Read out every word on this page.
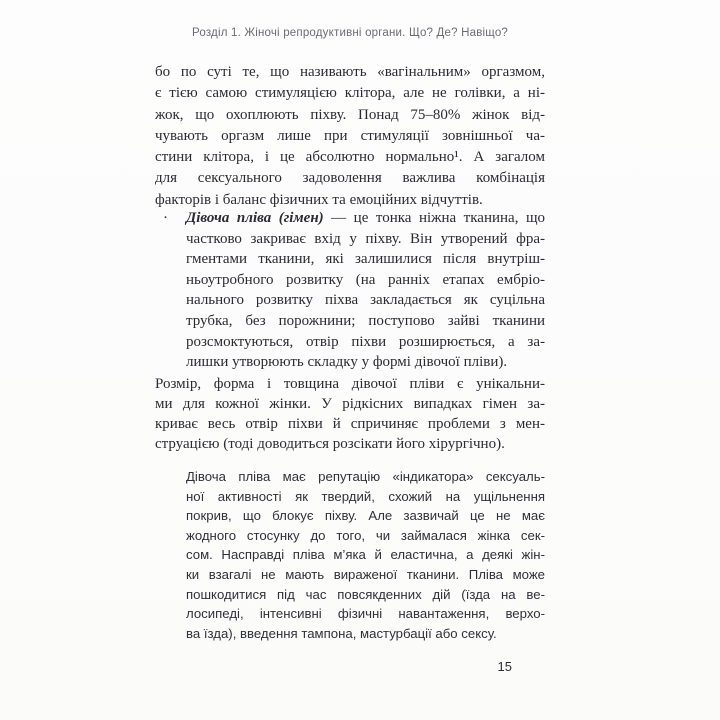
Розділ 1. Жіночі репродуктивні органи. Що? Де? Навіщо?
бо по суті те, що називають «вагінальним» оргазмом,
є тією самою стимуляцією клітора, але не голівки, а ні-
жок, що охоплюють піхву. Понад 75–80% жінок від-
чувають оргазм лише при стимуляції зовнішньої ча-
стини клітора, і це абсолютно нормально¹. А загалом
для сексуального задоволення важлива комбінація
факторів і баланс фізичних та емоційних відчуттів.
· Дівоча пліва (гімен) — це тонка ніжна тканина, що
частково закриває вхід у піхву. Він утворений фра-
гментами тканини, які залишилися після внутріш-
ньоутробного розвитку (на ранніх етапах ембріо-
нального розвитку піхва закладається як суцільна
трубка, без порожнини; поступово зайві тканини
розсмоктуються, отвір піхви розширюється, а за-
лишки утворюють складку у формі дівочої пліви).
Розмір, форма і товщина дівочої пліви є унікальни-
ми для кожної жінки. У рідкісних випадках гімен за-
криває весь отвір піхви й спричиняє проблеми з мен-
струацією (тоді доводиться розсікати його хірургічно).
Дівоча пліва має репутацію «індикатора» сексуаль-
ної активності як твердий, схожий на ущільнення
покрив, що блокує піхву. Але зазвичай це не має
жодного стосунку до того, чи займалася жінка сек-
сом. Насправді пліва м’яка й еластична, а деякі жін-
ки взагалі не мають вираженої тканини. Пліва може
пошкодитися під час повсякденних дій (їзда на ве-
лосипеді, інтенсивні фізичні навантаження, верхо-
ва їзда), введення тампона, мастурбації або сексу.
15
